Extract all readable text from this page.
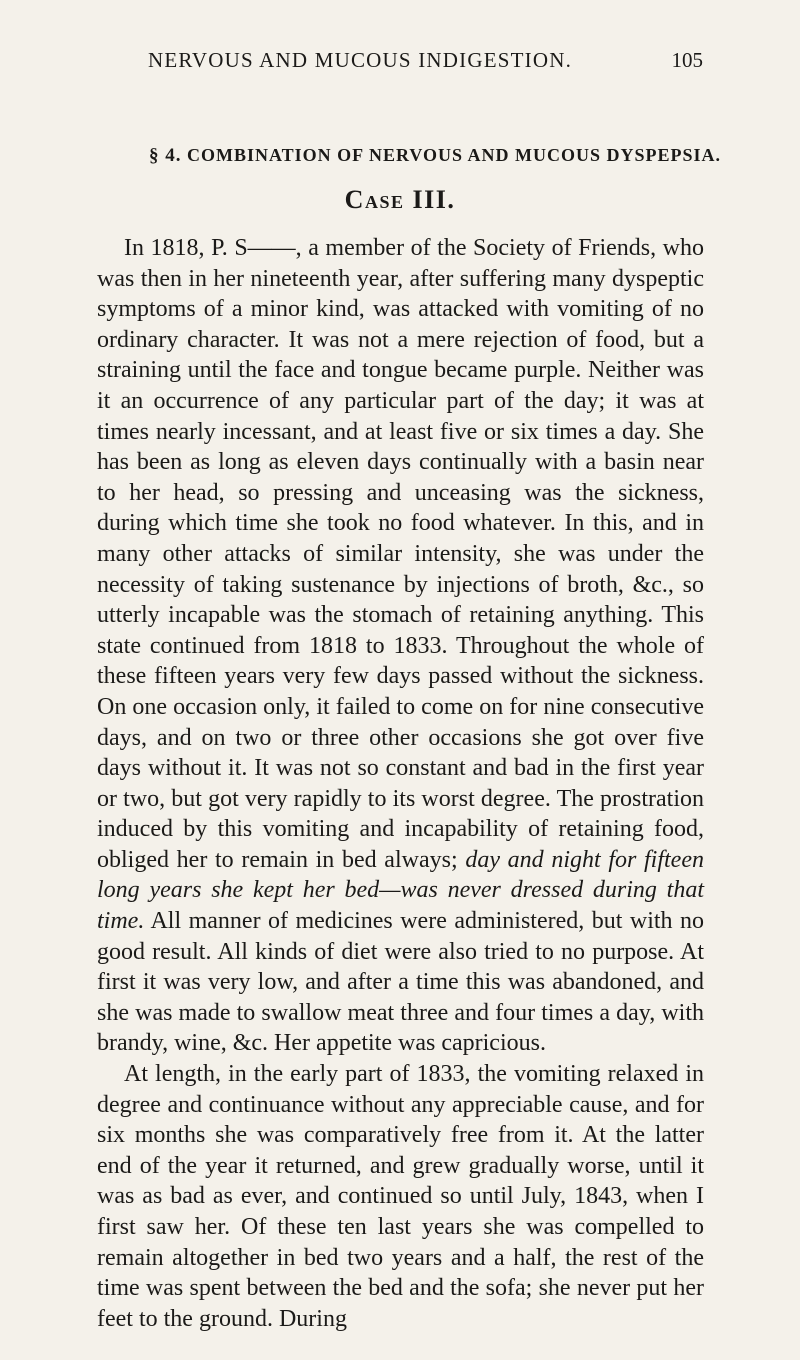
NERVOUS AND MUCOUS INDIGESTION.	105
§ 4. COMBINATION OF NERVOUS AND MUCOUS DYSPEPSIA.
Case III.

In 1818, P. S——, a member of the Society of Friends, who was then in her nineteenth year, after suffering many dyspeptic symptoms of a minor kind, was attacked with vomiting of no ordinary character. It was not a mere rejection of food, but a straining until the face and tongue became purple. Neither was it an occurrence of any particular part of the day; it was at times nearly incessant, and at least five or six times a day. She has been as long as eleven days continually with a basin near to her head, so pressing and unceasing was the sickness, during which time she took no food whatever. In this, and in many other attacks of similar intensity, she was under the necessity of taking sustenance by injections of broth, &c., so utterly incapable was the stomach of retaining anything. This state continued from 1818 to 1833. Throughout the whole of these fifteen years very few days passed without the sickness. On one occasion only, it failed to come on for nine consecutive days, and on two or three other occasions she got over five days without it. It was not so constant and bad in the first year or two, but got very rapidly to its worst degree. The prostration induced by this vomiting and incapability of retaining food, obliged her to remain in bed always; day and night for fifteen long years she kept her bed—was never dressed during that time. All manner of medicines were administered, but with no good result. All kinds of diet were also tried to no purpose. At first it was very low, and after a time this was abandoned, and she was made to swallow meat three and four times a day, with brandy, wine, &c. Her appetite was capricious.

At length, in the early part of 1833, the vomiting relaxed in degree and continuance without any appreciable cause, and for six months she was comparatively free from it. At the latter end of the year it returned, and grew gradually worse, until it was as bad as ever, and continued so until July, 1843, when I first saw her. Of these ten last years she was compelled to remain altogether in bed two years and a half, the rest of the time was spent between the bed and the sofa; she never put her feet to the ground. During
